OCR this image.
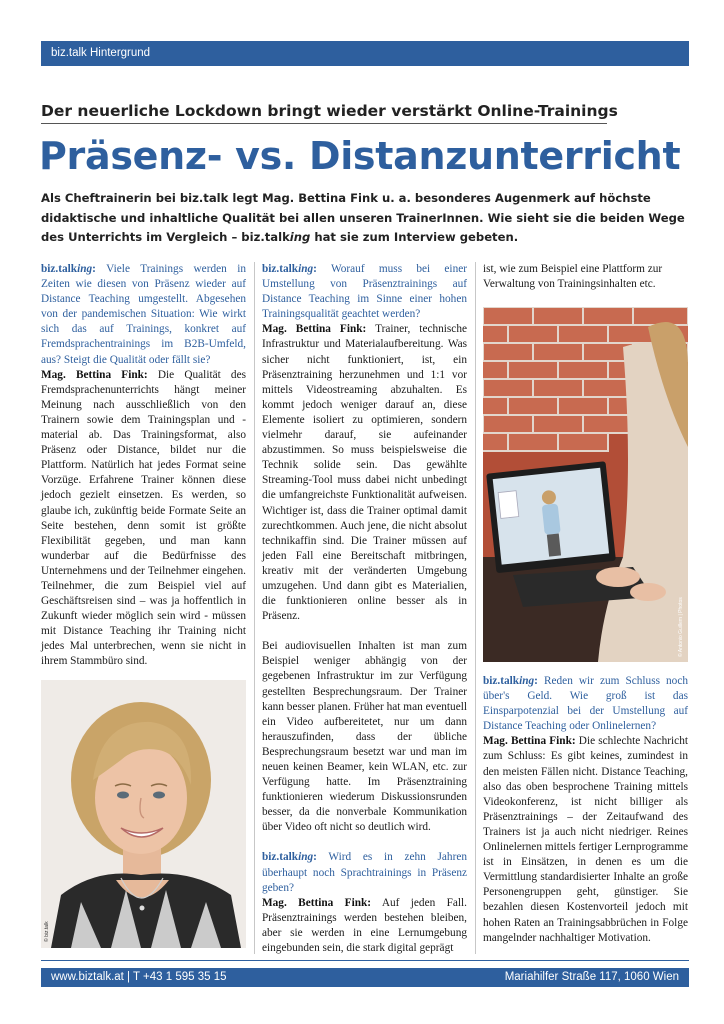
biz.talk Hintergrund
Der neuerliche Lockdown bringt wieder verstärkt Online-Trainings
Präsenz- vs. Distanzunterricht
Als Cheftrainerin bei biz.talk legt Mag. Bettina Fink u. a. besonderes Augenmerk auf höchste didaktische und inhaltliche Qualität bei allen unseren TrainerInnen. Wie sieht sie die beiden Wege des Unterrichts im Vergleich – biz.talking hat sie zum Interview gebeten.

biz.talking: Viele Trainings werden in Zeiten wie diesen von Präsenz wieder auf Distance Teaching umgestellt. Abgesehen von der pandemischen Situation: Wie wirkt sich das auf Trainings, konkret auf Fremdsprachentrainings im B2B-Umfeld, aus? Steigt die Qualität oder fällt sie?

Mag. Bettina Fink: Die Qualität des Fremdsprachenunterrichts hängt meiner Meinung nach ausschließlich von den Trainern sowie dem Trainingsplan und -material ab. Das Trainingsformat, also Präsenz oder Distance, bildet nur die Plattform. Natürlich hat jedes Format seine Vorzüge. Erfahrene Trainer können diese jedoch gezielt einsetzen. Es werden, so glaube ich, zukünftig beide Formate Seite an Seite bestehen, denn somit ist größte Flexibilität gegeben, und man kann wunderbar auf die Bedürfnisse des Unternehmens und der Teilnehmer eingehen. Teilnehmer, die zum Beispiel viel auf Geschäftsreisen sind – was ja hoffentlich in Zukunft wieder möglich sein wird - müssen mit Distance Teaching ihr Training nicht jedes Mal unterbrechen, wenn sie nicht in ihrem Stammbüro sind.

© biz.talk

biz.talking: Worauf muss bei einer Umstellung von Präsenztrainings auf Distance Teaching im Sinne einer hohen Trainingsqualität geachtet werden?

Mag. Bettina Fink: Trainer, technische Infrastruktur und Materialaufbereitung. Was sicher nicht funktioniert, ist, ein Präsenztraining herzunehmen und 1:1 vor mittels Videostreaming abzuhalten. Es kommt jedoch weniger darauf an, diese Elemente isoliert zu optimieren, sondern vielmehr darauf, sie aufeinander abzustimmen. So muss beispielsweise die Technik solide sein. Das gewählte Streaming-Tool muss dabei nicht unbedingt die umfangreichste Funktionalität aufweisen. Wichtiger ist, dass die Trainer optimal damit zurechtkommen. Auch jene, die nicht absolut technikaffin sind. Die Trainer müssen auf jeden Fall eine Bereitschaft mitbringen, kreativ mit der veränderten Umgebung umzugehen. Und dann gibt es Materialien, die funktionieren online besser als in Präsenz.

Bei audiovisuellen Inhalten ist man zum Beispiel weniger abhängig von der gegebenen Infrastruktur im zur Verfügung gestellten Besprechungsraum. Der Trainer kann besser planen. Früher hat man eventuell ein Video aufbereitetet, nur um dann herauszufinden, dass der übliche Besprechungsraum besetzt war und man im neuen keinen Beamer, kein WLAN, etc. zur Verfügung hatte. Im Präsenztraining funktionieren wiederum Diskussionsrunden besser, da die nonverbale Kommunikation über Video oft nicht so deutlich wird.

biz.talking: Wird es in zehn Jahren überhaupt noch Sprachtrainings in Präsenz geben?

Mag. Bettina Fink: Auf jeden Fall. Präsenztrainings werden bestehen bleiben, aber sie werden in eine Lernumgebung eingebunden sein, die stark digital geprägt

ist, wie zum Beispiel eine Plattform zur Verwaltung von Trainingsinhalten etc.

© Antonio Guillem | Photos

biz.talking: Reden wir zum Schluss noch über's Geld. Wie groß ist das Einsparpotenzial bei der Umstellung auf Distance Teaching oder Onlinelernen?

Mag. Bettina Fink: Die schlechte Nachricht zum Schluss: Es gibt keines, zumindest in den meisten Fällen nicht. Distance Teaching, also das oben besprochene Training mittels Videokonferenz, ist nicht billiger als Präsenztrainings – der Zeitaufwand des Trainers ist ja auch nicht niedriger. Reines Onlinelernen mittels fertiger Lernprogramme ist in Einsätzen, in denen es um die Vermittlung standardisierter Inhalte an große Personengruppen geht, günstiger. Sie bezahlen diesen Kostenvorteil jedoch mit hohen Raten an Trainingsabbrüchen in Folge mangelnder nachhaltiger Motivation.

www.biztalk.at | T +43 1 595 35 15	Mariahilfer Straße 117, 1060 Wien
